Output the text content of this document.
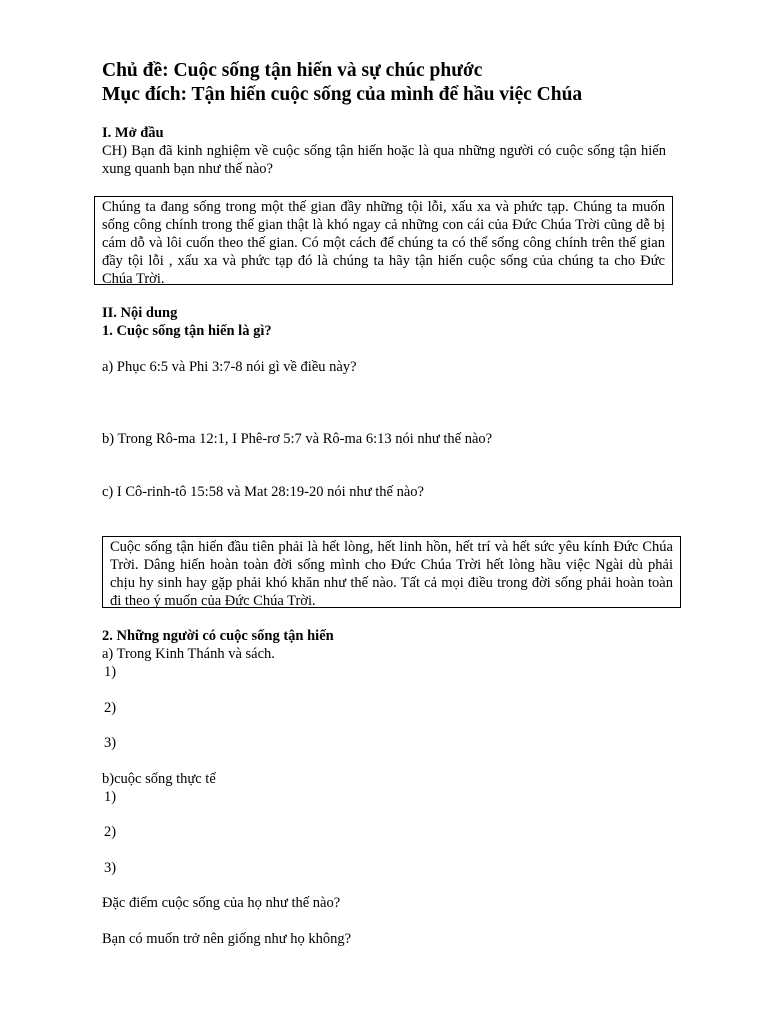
Chủ đề: Cuộc sống tận hiến và sự chúc phước
Mục đích: Tận hiến cuộc sống của mình để hầu việc Chúa
I. Mở đầu
CH) Bạn đã kinh nghiệm về cuộc sống tận hiến hoặc là qua những người có cuộc sống tận hiến xung quanh bạn như thế nào?
Chúng ta đang sống trong một thế gian đầy những tội lỗi, xấu xa và phức tạp. Chúng ta muốn sống công chính trong thế gian thật là khó ngay cả những con cái của Đức Chúa Trời cũng dễ bị cám dỗ và lôi cuốn theo thế gian. Có một cách để chúng ta có thể sống công chính trên thế gian đầy tội lỗi , xấu xa và phức tạp đó là chúng ta hãy tận hiến cuộc sống của chúng ta cho Đức Chúa Trời.
II. Nội dung
1. Cuộc sống tận hiến là gì?
a) Phục 6:5 và Phi 3:7-8 nói gì về điều này?
b) Trong Rô-ma 12:1, I Phê-rơ 5:7 và Rô-ma 6:13 nói như thế nào?
c) I Cô-rinh-tô 15:58 và Mat 28:19-20 nói như thế nào?
Cuộc sống tận hiến đầu tiên phải là hết lòng, hết linh hồn, hết trí và hết sức yêu kính Đức Chúa Trời. Dâng hiến hoàn toàn đời sống mình cho Đức Chúa Trời hết lòng hầu việc Ngài dù phải chịu hy sinh hay gặp phải khó khăn như thế nào. Tất cả mọi điều trong đời sống phải hoàn toàn đi theo ý muốn của Đức Chúa Trời.
2. Những người có cuộc sống tận hiến
a) Trong Kinh Thánh và sách.
1)
2)
3)
b)cuộc sống thực tế
1)
2)
3)
Đặc điểm cuộc sống của họ như thế nào?
Bạn có muốn trở nên giống như họ không?
